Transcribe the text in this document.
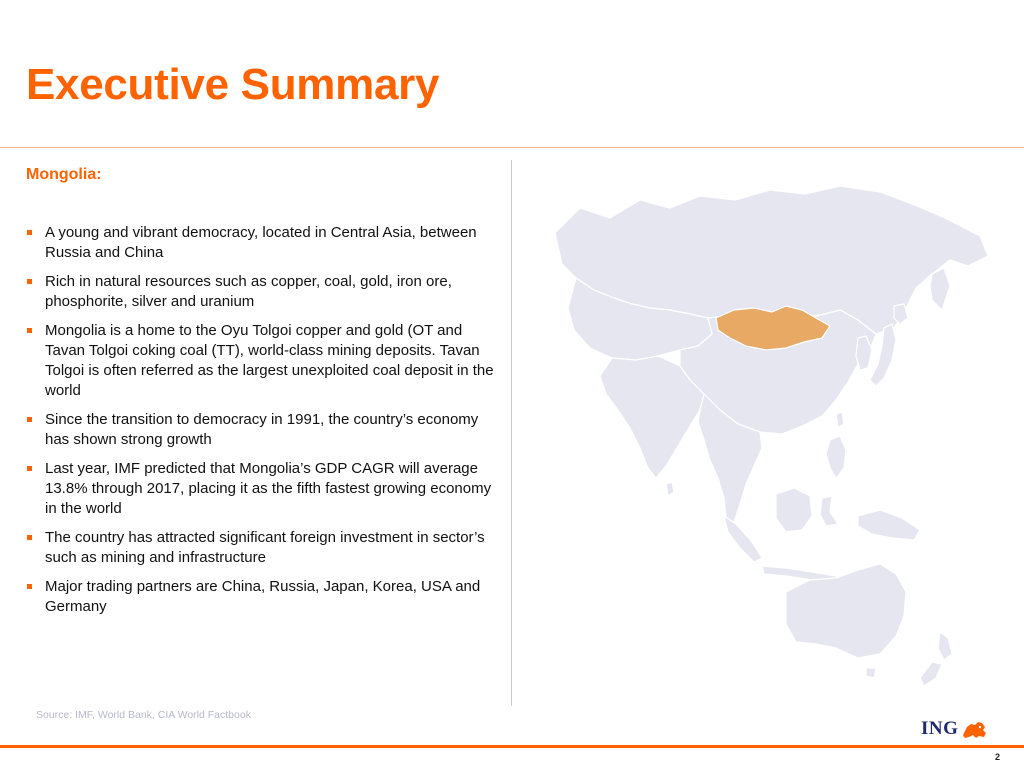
Executive Summary
Mongolia:
A young and vibrant democracy, located in Central Asia, between Russia and China
Rich in natural resources such as copper, coal, gold, iron ore, phosphorite, silver and uranium
Mongolia is a home to the Oyu Tolgoi copper and gold (OT and Tavan Tolgoi coking coal (TT), world-class mining deposits. Tavan Tolgoi is often referred as the largest unexploited coal deposit in the world
Since the transition to democracy in 1991, the country’s economy has shown strong growth
Last year, IMF predicted that Mongolia’s GDP CAGR will average 13.8% through 2017, placing it as the fifth fastest growing economy in the world
The country has attracted significant foreign investment in sector’s such as mining and infrastructure
Major trading partners are China, Russia, Japan, Korea, USA and Germany
Source: IMF, World Bank, CIA World Factbook
ING
2
